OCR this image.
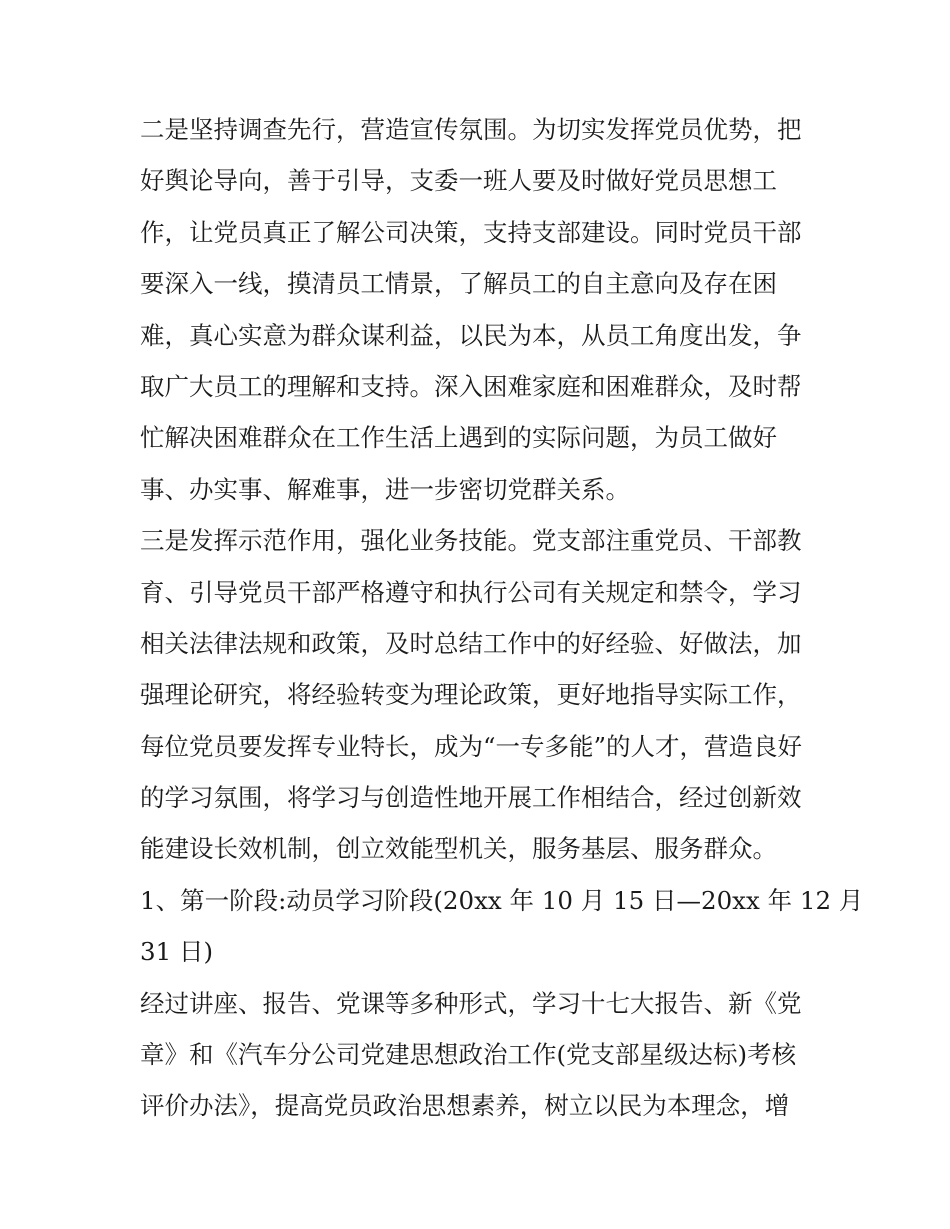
二是坚持调查先行，营造宣传氛围。为切实发挥党员优势，把
好舆论导向，善于引导，支委一班人要及时做好党员思想工
作，让党员真正了解公司决策，支持支部建设。同时党员干部
要深入一线，摸清员工情景，了解员工的自主意向及存在困
难，真心实意为群众谋利益，以民为本，从员工角度出发，争
取广大员工的理解和支持。深入困难家庭和困难群众，及时帮
忙解决困难群众在工作生活上遇到的实际问题，为员工做好
事、办实事、解难事，进一步密切党群关系。
三是发挥示范作用，强化业务技能。党支部注重党员、干部教
育、引导党员干部严格遵守和执行公司有关规定和禁令，学习
相关法律法规和政策，及时总结工作中的好经验、好做法，加
强理论研究，将经验转变为理论政策，更好地指导实际工作，
每位党员要发挥专业特长，成为“一专多能”的人才，营造良好
的学习氛围，将学习与创造性地开展工作相结合，经过创新效
能建设长效机制，创立效能型机关，服务基层、服务群众。
1、第一阶段:动员学习阶段(20xx 年 10 月 15 日—20xx 年 12 月
31 日)
经过讲座、报告、党课等多种形式，学习十七大报告、新《党
章》和《汽车分公司党建思想政治工作(党支部星级达标)考核
评价办法》，提高党员政治思想素养，树立以民为本理念，增
